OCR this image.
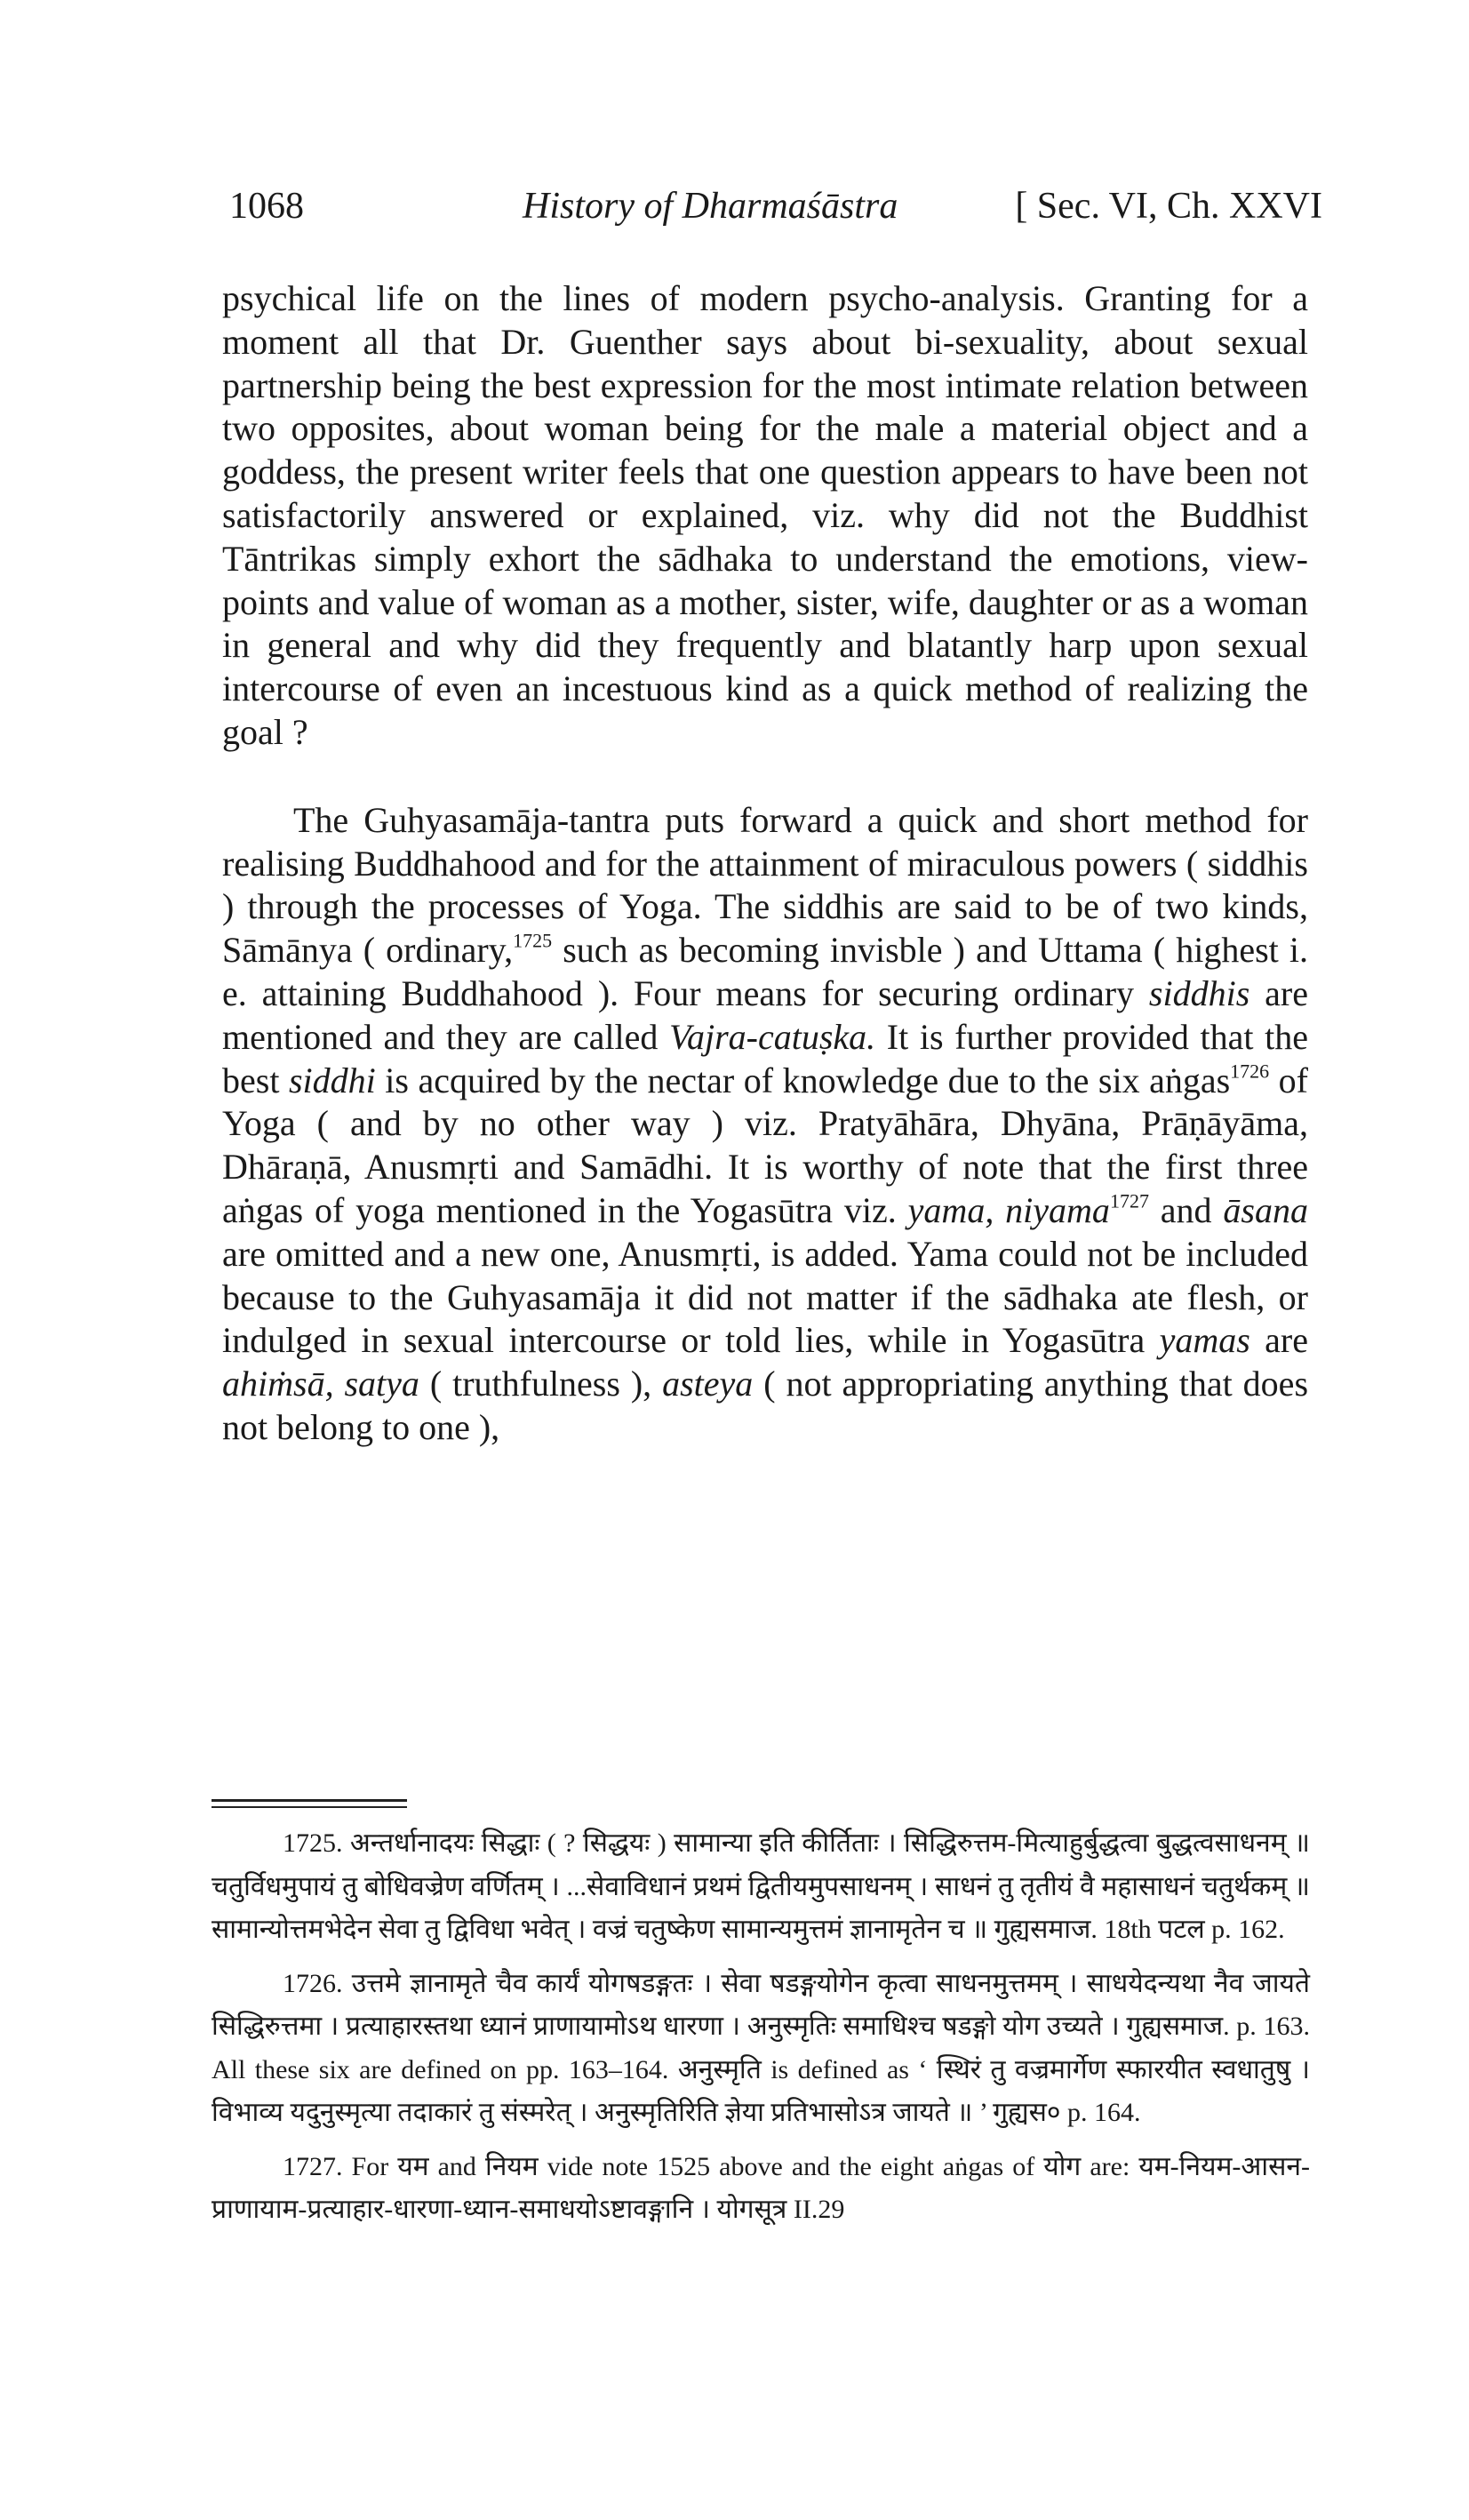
1068	History of Dharmaśāstra	[ Sec. VI, Ch. XXVI

psychical life on the lines of modern psycho-analysis. Granting for a moment all that Dr. Guenther says about bi-sexuality, about sexual partnership being the best expression for the most intimate relation between two opposites, about woman being for the male a material object and a goddess, the present writer feels that one question appears to have been not satisfactorily answered or explained, viz. why did not the Buddhist Tāntrikas simply exhort the sādhaka to understand the emotions, view-points and value of woman as a mother, sister, wife, daughter or as a woman in general and why did they frequently and blatantly harp upon sexual intercourse of even an incestuous kind as a quick method of realizing the goal ?

The Guhyasamāja-tantra puts forward a quick and short method for realising Buddhahood and for the attainment of miraculous powers ( siddhis ) through the processes of Yoga. The siddhis are said to be of two kinds, Sāmānya ( ordinary,$^{1725}$ such as becoming invisble ) and Uttama ( highest i. e. attaining Buddhahood ). Four means for securing ordinary siddhis are mentioned and they are called Vajra-catuṣka. It is further provided that the best siddhi is acquired by the nectar of knowledge due to the six aṅgas$^{1726}$ of Yoga ( and by no other way ) viz. Pratyāhāra, Dhyāna, Prāṇāyāma, Dhāraṇā, Anusmṛti and Samādhi. It is worthy of note that the first three aṅgas of yoga mentioned in the Yogasūtra viz. yama, niyama$^{1727}$ and āsana are omitted and a new one, Anusmṛti, is added. Yama could not be included because to the Guhyasamāja it did not matter if the sādhaka ate flesh, or indulged in sexual intercourse or told lies, while in Yogasūtra yamas are ahiṁsā, satya ( truthfulness ), asteya ( not appropriating anything that does not belong to one ),

1725. अन्तर्धानादयः सिद्धाः ( ? सिद्धयः ) सामान्या इति कीर्तिताः । सिद्धिरुत्तम-मित्याहुर्बुद्धत्वा बुद्धत्वसाधनम् ॥ चतुर्विधमुपायं तु बोधिवज्रेण वर्णितम् । ...सेवाविधानं प्रथमं द्वितीयमुपसाधनम् । साधनं तु तृतीयं वै महासाधनं चतुर्थकम् ॥ सामान्योत्तमभेदेन सेवा तु द्विविधा भवेत् । वज्रं चतुष्केण सामान्यमुत्तमं ज्ञानामृतेन च ॥ गुह्यसमाज. 18th पटल p. 162.

1726. उत्तमे ज्ञानामृते चैव कार्यं योगषडङ्गतः । सेवा षडङ्गयोगेन कृत्वा साधनमुत्तमम् । साधयेदन्यथा नैव जायते सिद्धिरुत्तमा । प्रत्याहारस्तथा ध्यानं प्राणायामोऽथ धारणा । अनुस्मृतिः समाधिश्च षडङ्गो योग उच्यते । गुह्यसमाज. p. 163. All these six are defined on pp. 163–164. अनुस्मृति is defined as ‘ स्थिरं तु वज्रमार्गेण स्फारयीत स्वधातुषु । विभाव्य यदुनुस्मृत्या तदाकारं तु संस्मरेत् । अनुस्मृतिरिति ज्ञेया प्रतिभासोऽत्र जायते ॥ ’ गुह्यस० p. 164.

1727. For यम and नियम vide note 1525 above and the eight aṅgas of योग are: यम-नियम-आसन-प्राणायाम-प्रत्याहार-धारणा-ध्यान-समाधयोऽष्टावङ्गानि । योगसूत्र II.29
